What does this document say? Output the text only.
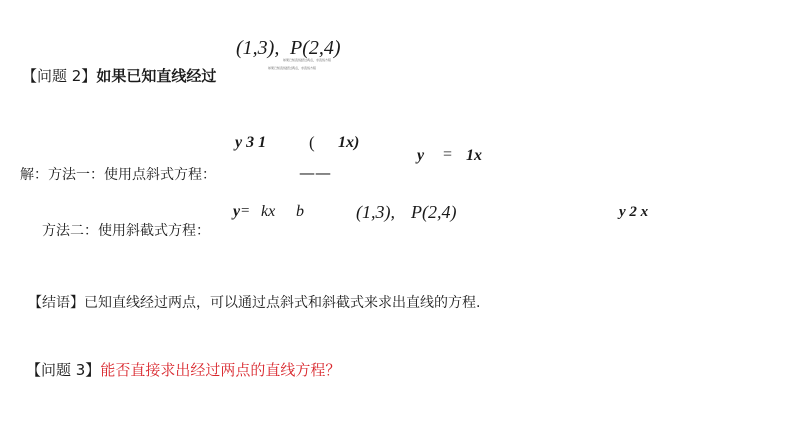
【问题 2】如果已知直线经过
(1,3), P(2,4)
如果已知直线经过两点，求直线方程
如果已知直线经过两点，求直线方程
解：方法一：使用点斜式方程：
y 3 1	( 1x)
——
y = 1x
方法二：使用斜截式方程：
y = kx b	(1,3), P(2,4)	y 2 x
【结语】已知直线经过两点，可以通过点斜式和斜截式来求出直线的方程.
【问题 3】能否直接求出经过两点的直线方程？
